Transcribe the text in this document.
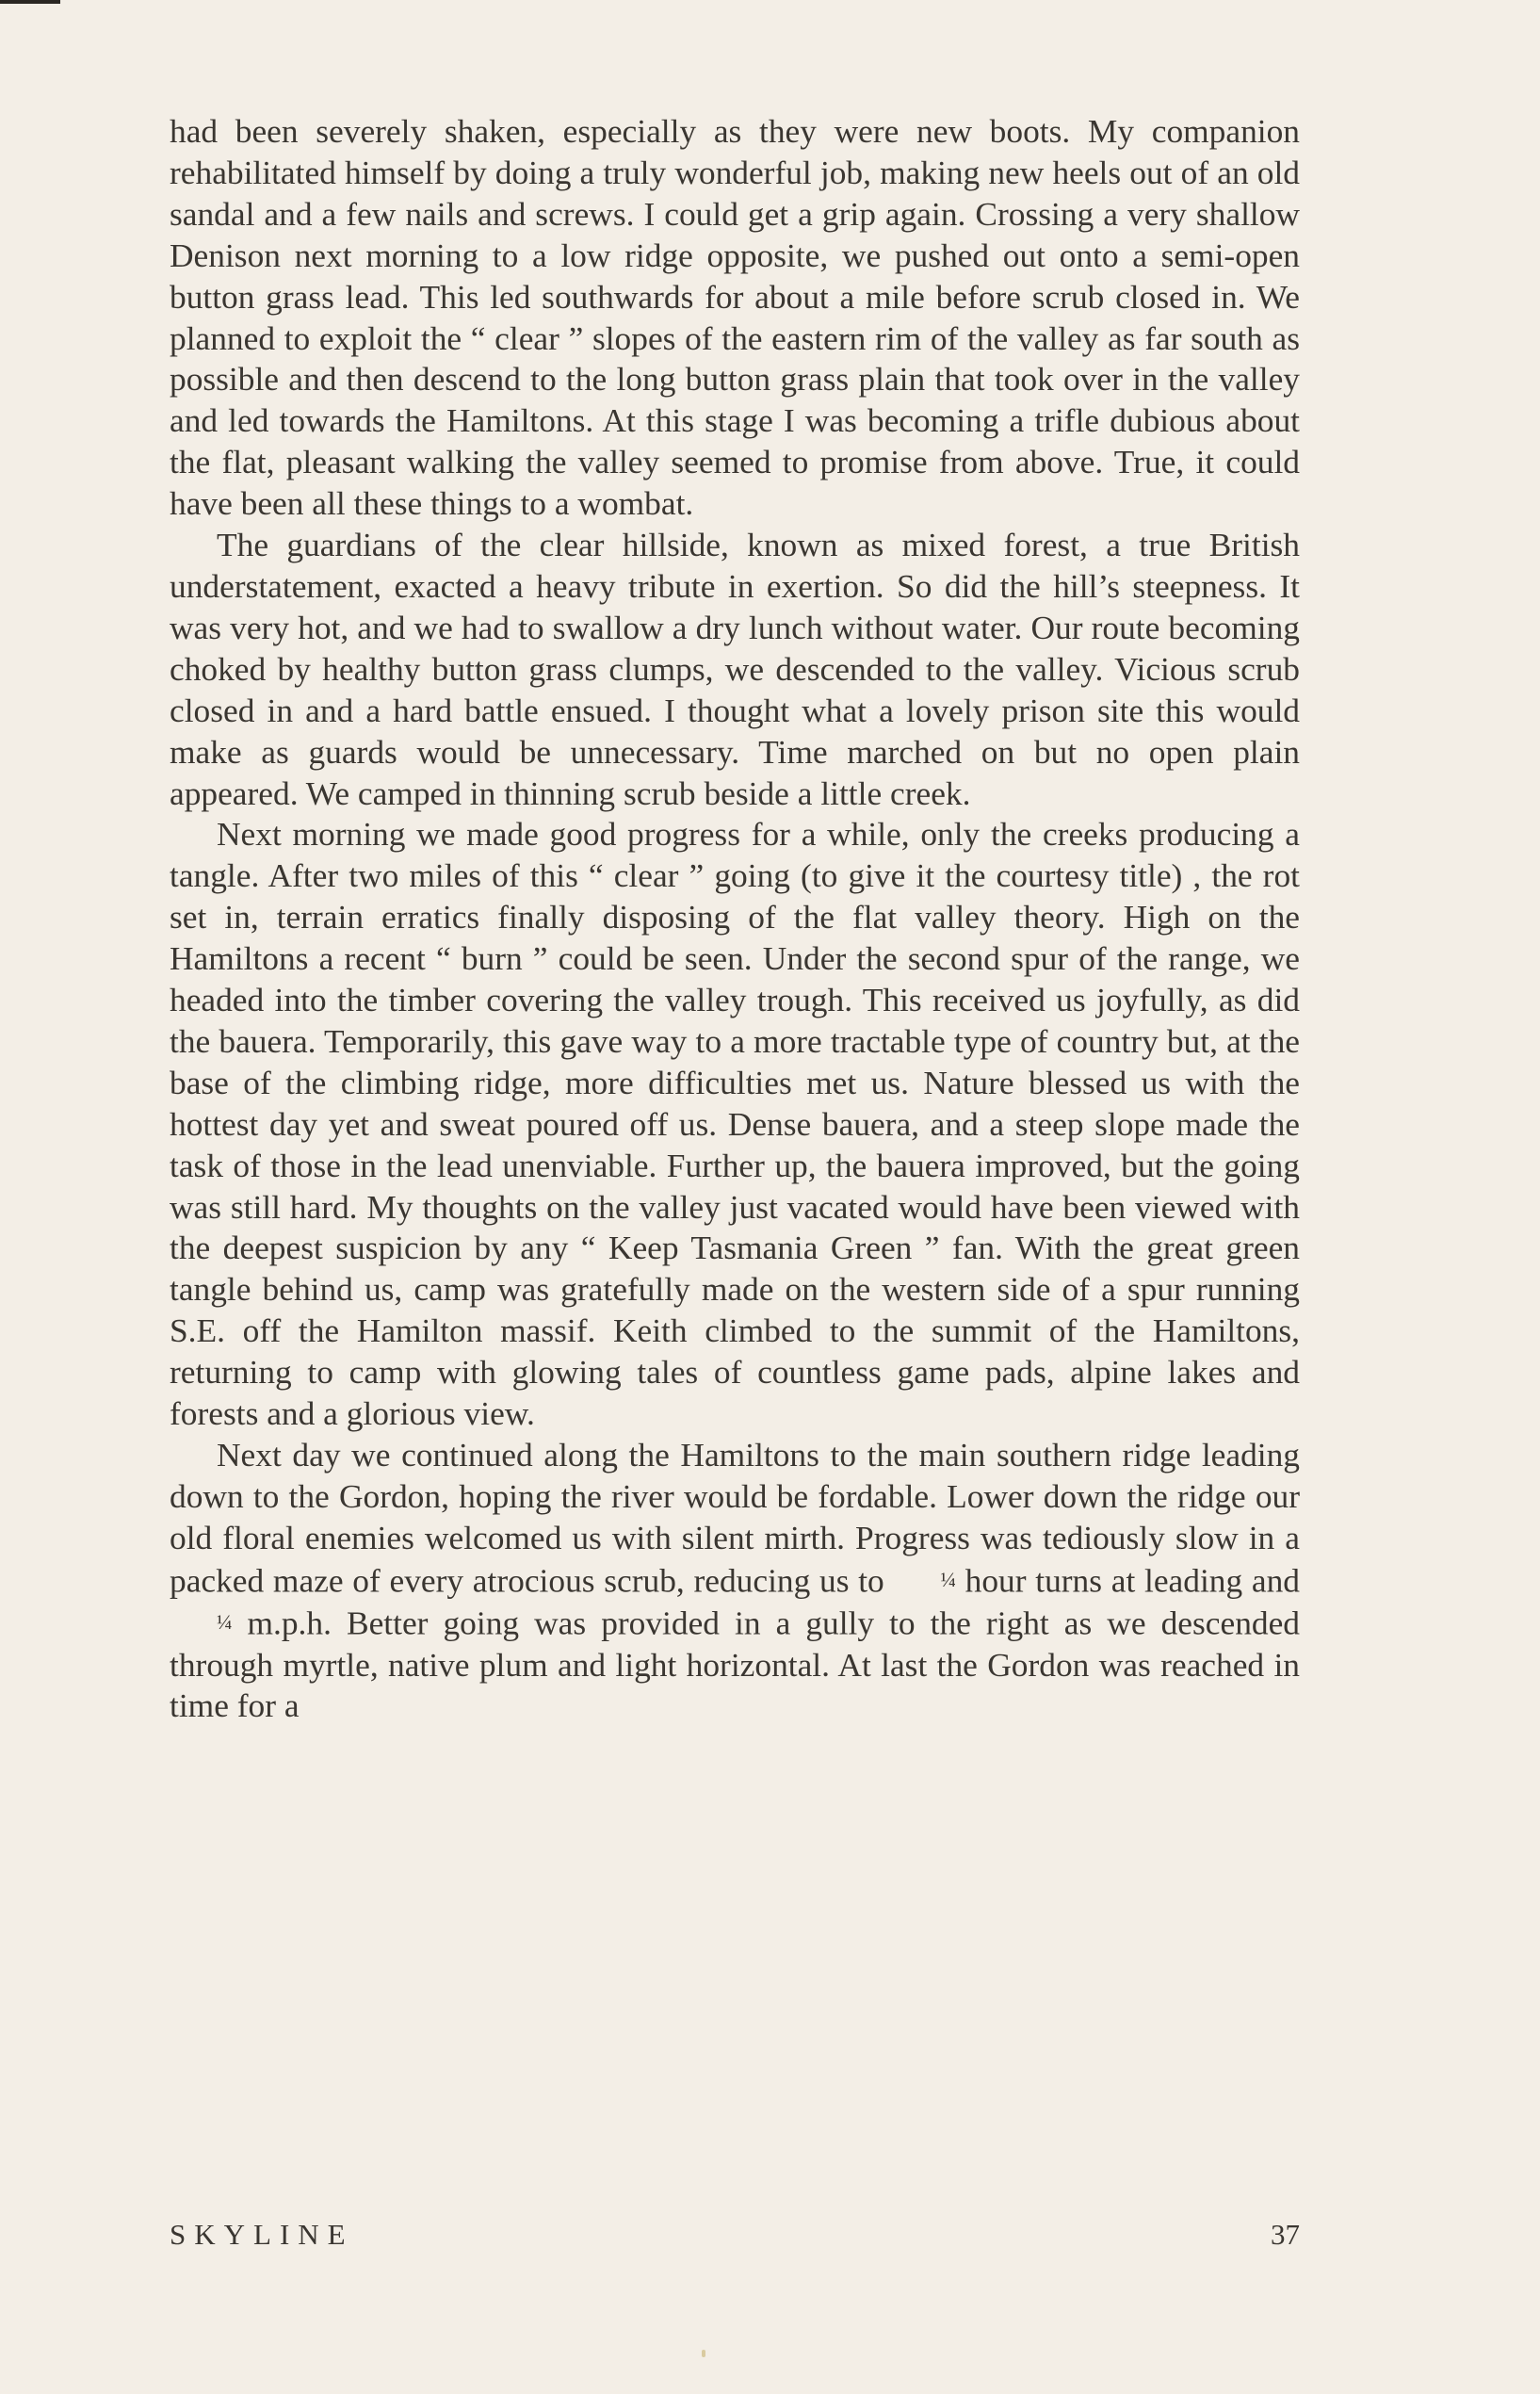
had been severely shaken, especially as they were new boots. My companion rehabilitated himself by doing a truly wonderful job, making new heels out of an old sandal and a few nails and screws. I could get a grip again. Crossing a very shallow Denison next morning to a low ridge opposite, we pushed out onto a semi-open button grass lead. This led southwards for about a mile before scrub closed in. We planned to exploit the “ clear ” slopes of the eastern rim of the valley as far south as possible and then descend to the long button grass plain that took over in the valley and led towards the Hamiltons. At this stage I was becoming a trifle dubious about the flat, pleasant walking the valley seemed to promise from above. True, it could have been all these things to a wombat.

The guardians of the clear hillside, known as mixed forest, a true British understatement, exacted a heavy tribute in exertion. So did the hill’s steepness. It was very hot, and we had to swallow a dry lunch without water. Our route becoming choked by healthy button grass clumps, we descended to the valley. Vicious scrub closed in and a hard battle ensued. I thought what a lovely prison site this would make as guards would be unnecessary. Time marched on but no open plain appeared. We camped in thinning scrub beside a little creek.

Next morning we made good progress for a while, only the creeks producing a tangle. After two miles of this “ clear ” going (to give it the courtesy title) , the rot set in, terrain erratics finally disposing of the flat valley theory. High on the Hamiltons a recent “ burn ” could be seen. Under the second spur of the range, we headed into the timber covering the valley trough. This received us joyfully, as did the bauera. Temporarily, this gave way to a more tractable type of country but, at the base of the climbing ridge, more difficulties met us. Nature blessed us with the hottest day yet and sweat poured off us. Dense bauera, and a steep slope made the task of those in the lead unenviable. Further up, the bauera improved, but the going was still hard. My thoughts on the valley just vacated would have been viewed with the deepest suspicion by any “ Keep Tasmania Green ” fan. With the great green tangle behind us, camp was gratefully made on the western side of a spur running S.E. off the Hamilton massif. Keith climbed to the summit of the Hamiltons, returning to camp with glowing tales of countless game pads, alpine lakes and forests and a glorious view.

Next day we continued along the Hamiltons to the main southern ridge leading down to the Gordon, hoping the river would be fordable. Lower down the ridge our old floral enemies welcomed us with silent mirth. Progress was tediously slow in a packed maze of every atrocious scrub, reducing us to	¼ hour turns at leading and ¼ m.p.h. Better going was provided in a gully to the right as we descended through myrtle, native plum and light horizontal. At last the Gordon was reached in time for a

SKYLINE	37
